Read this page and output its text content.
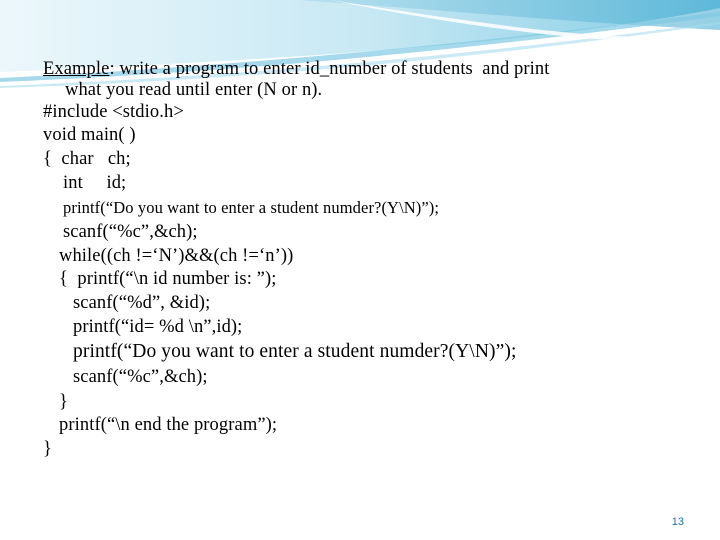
Example: write a program to enter id_number of students  and print
what you read until enter (N or n).
#include <stdio.h>
void main( )
{  char   ch;
int     id;
printf(“Do you want to enter a student numder?(Y\N)”);
scanf(“%c”,&ch);
while((ch !=‘N’)&&(ch !=‘n’))
{  printf(“\n id number is: ”);
scanf(“%d”, &id);
printf(“id= %d \n”,id);
printf(“Do you want to enter a student numder?(Y\N)”);
scanf(“%c”,&ch);
}
printf(“\n end the program”);
}
13
